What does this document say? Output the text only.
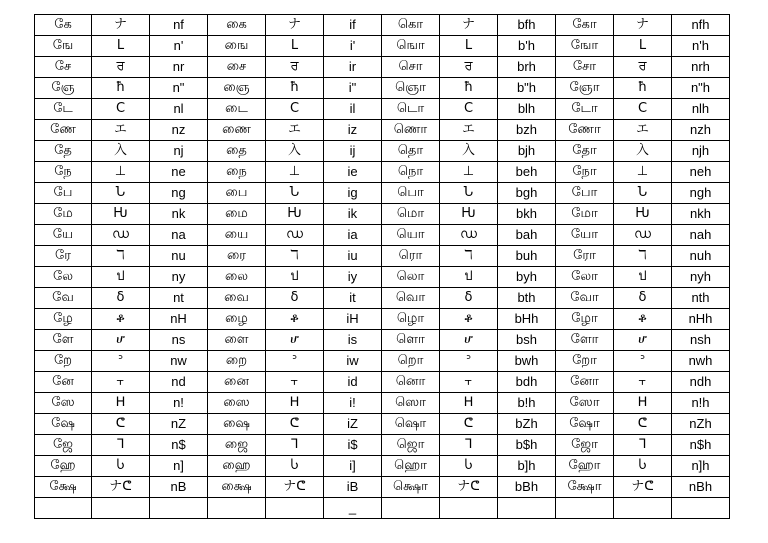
கே	ナ	nf	கை	ナ	if	கொ	ナ	bfh	கோ	ナ	nfh
ஙே	L	n'	ஙை	L	i'	ஙொ	L	b'h	ஙோ	L	n'h
சே	ਰ	nr	சை	ਰ	ir	சொ	ਰ	brh	சோ	ਰ	nrh
ஞே	ħ	n"	ஞை	ħ	i"	ஞொ	ħ	b"h	ஞோ	ħ	n"h
டே	C	nl	டை	C	il	டொ	C	blh	டோ	C	nlh
ணே	エ	nz	ணை	エ	iz	ணொ	エ	bzh	ணோ	エ	nzh
தே	入	nj	தை	入	ij	தொ	入	bjh	தோ	入	njh
நே	⊥	ne	நை	⊥	ie	நொ	⊥	beh	நோ	⊥	neh
பே	Ն	ng	பை	Ն	ig	பொ	Ն	bgh	போ	Ն	ngh
மே	Ƕ	nk	மை	Ƕ	ik	மொ	Ƕ	bkh	மோ	Ƕ	nkh
யே	ഡ	na	யை	ഡ	ia	யொ	ഡ	bah	யோ	ഡ	nah
ரே	ℸ	nu	ரை	ℸ	iu	ரொ	ℸ	buh	ரோ	ℸ	nuh
லே	ป	ny	லை	ป	iy	லொ	ป	byh	லோ	ป	nyh
வே	δ	nt	வை	δ	it	வொ	δ	bth	வோ	δ	nth
ழே	ቆ	nH	ழை	ቆ	iH	ழொ	ቆ	bHh	ழோ	ቆ	nHh
ளே	ሆ	ns	ளை	ሆ	is	ளொ	ሆ	bsh	ளோ	ሆ	nsh
றே	ᐣ	nw	றை	ᐣ	iw	றொ	ᐣ	bwh	றோ	ᐣ	nwh
னே	⫟	nd	னை	⫟	id	னொ	⫟	bdh	னோ	⫟	ndh
ஸே	ᕼ	n!	ஸை	ᕼ	i!	ஸொ	ᕼ	b!h	ஸோ	ᕼ	n!h
ஷே	ᕦ	nZ	ஷை	ᕦ	iZ	ஷொ	ᕦ	bZh	ஷோ	ᕦ	nZh
ஜே	ᒣ	n$	ஜை	ᒣ	i$	ஜொ	ᒣ	b$h	ஜோ	ᒣ	n$h
ஹே	Ⴑ	n]	ஹை	Ⴑ	i]	ஹொ	Ⴑ	b]h	ஹோ	Ⴑ	n]h
க்ஷே	ナᕦ	nB	க்ஷை	ナᕦ	iB	க்ஷொ	ナᕦ	bBh	க்ஷோ	ナᕦ	nBh
					_						
